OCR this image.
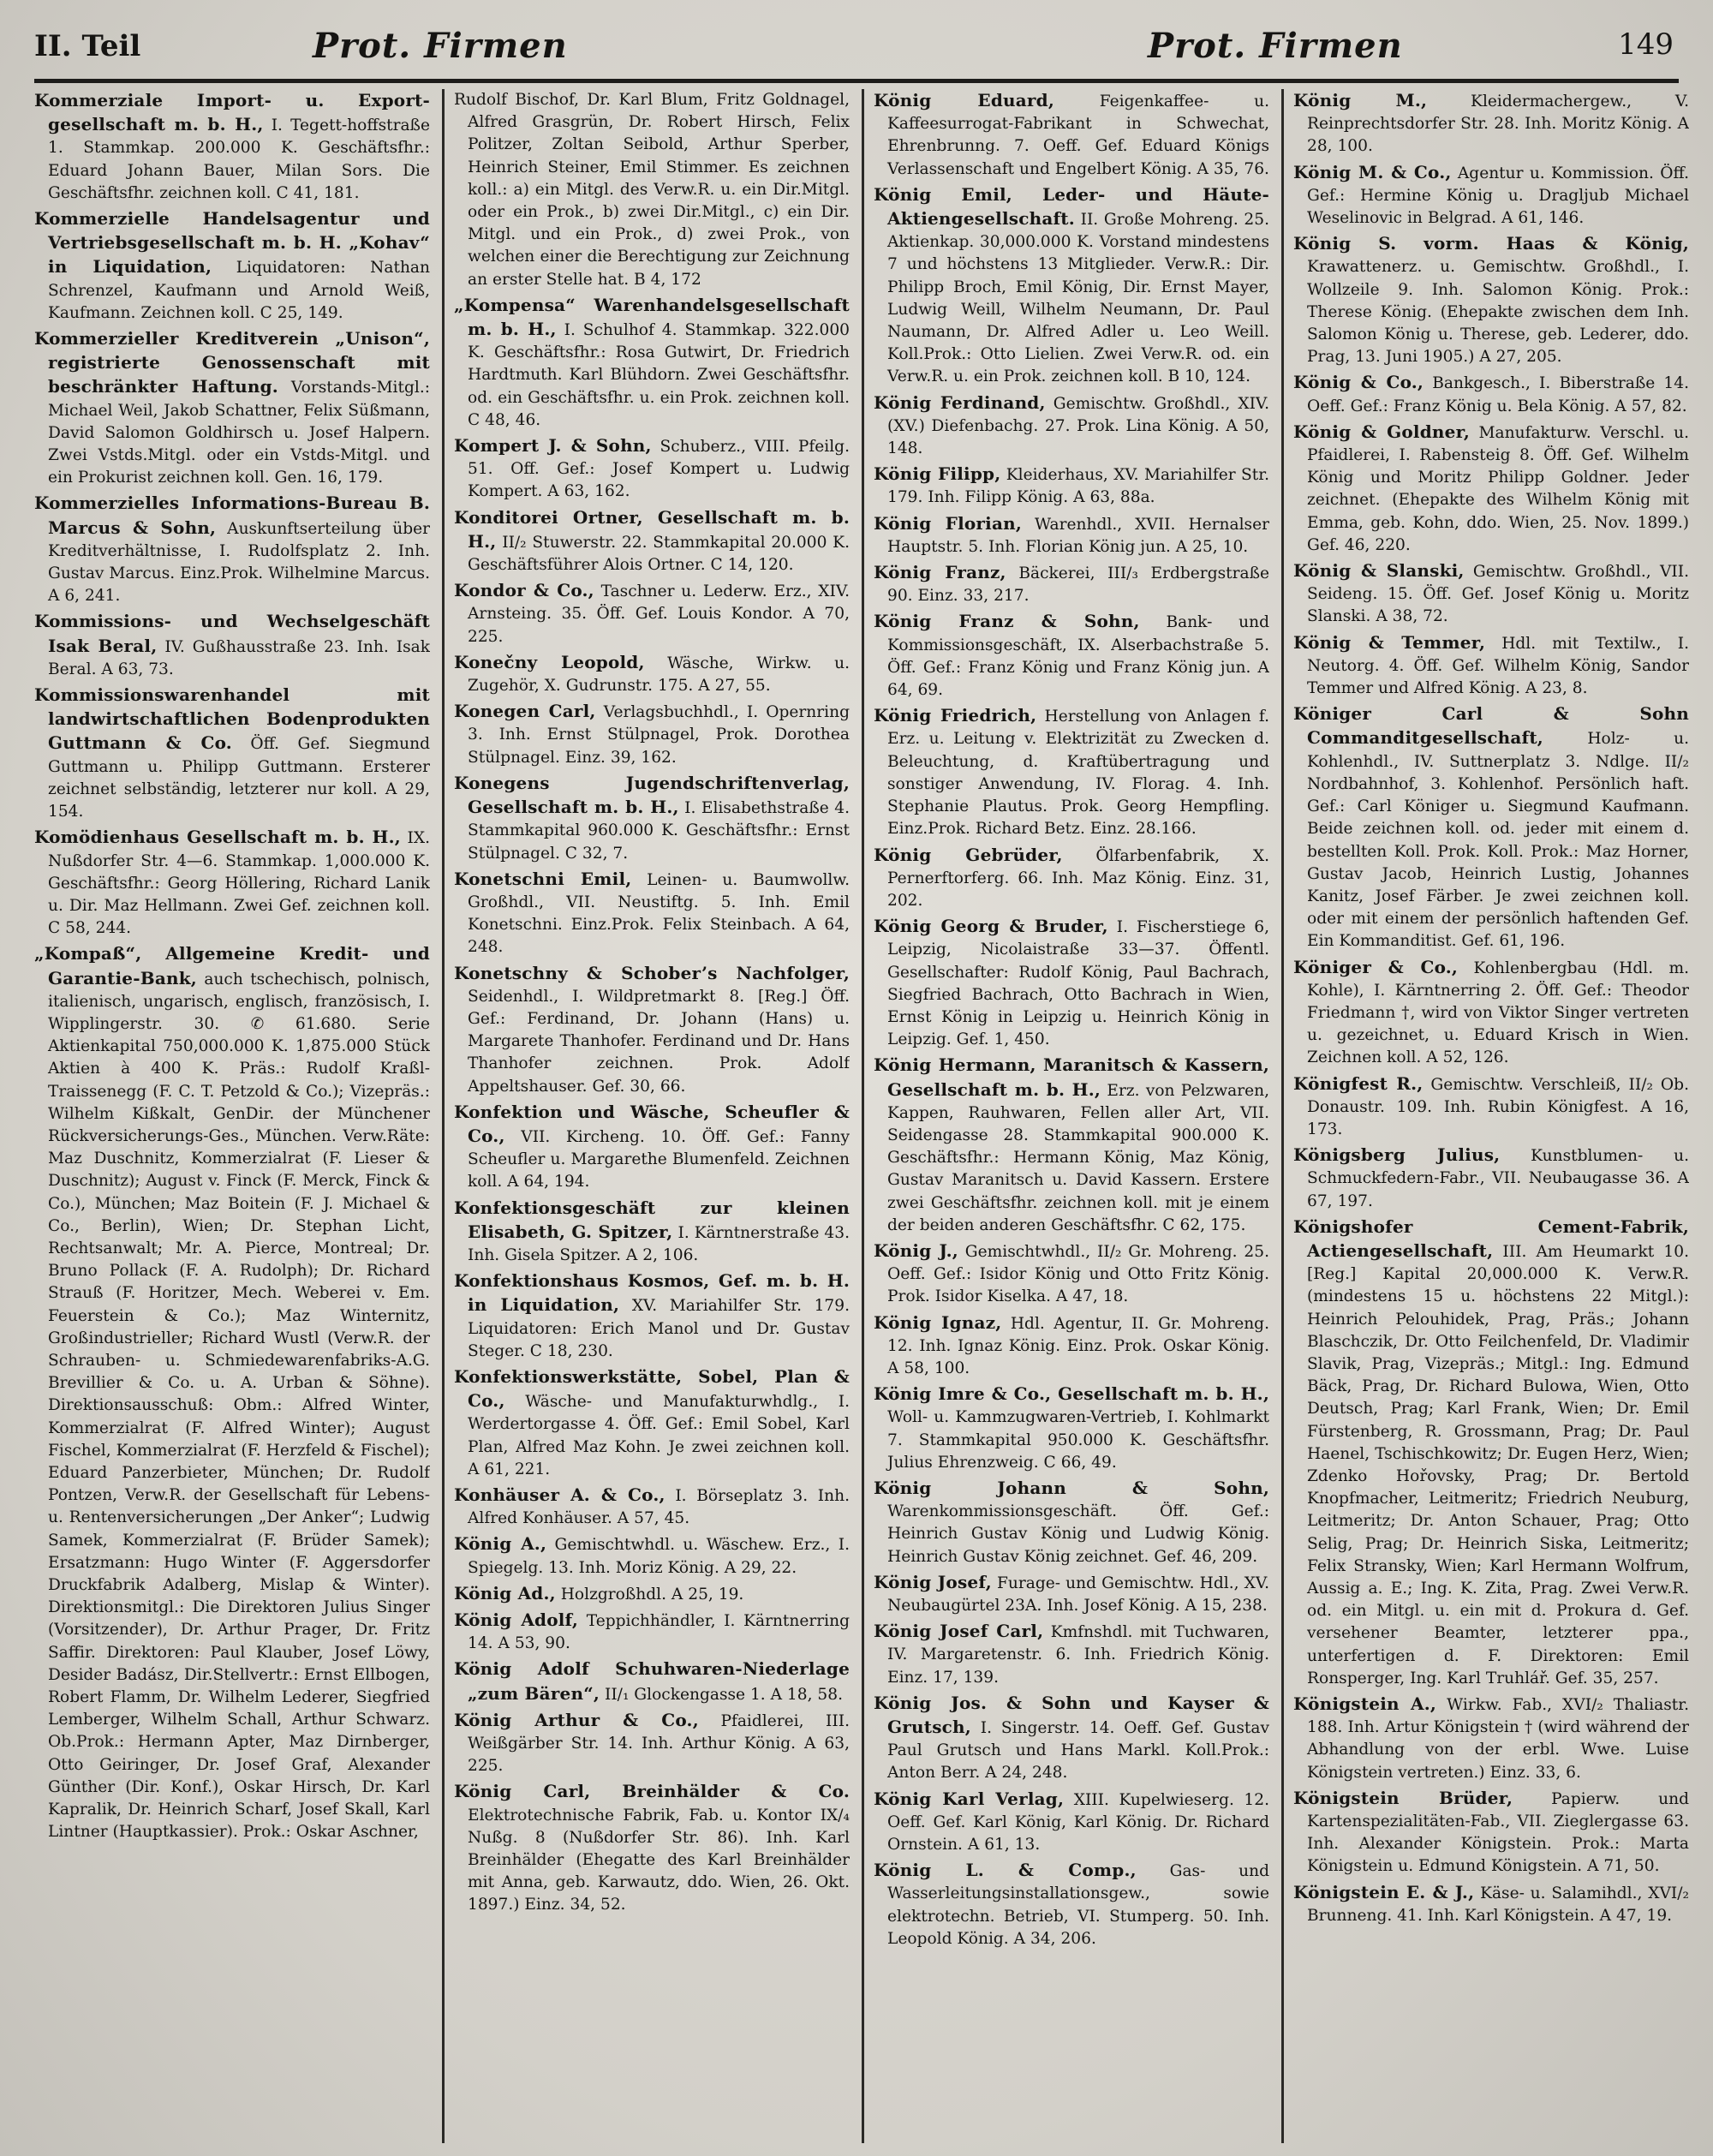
II. Teil	Prot. Firmen	Prot. Firmen	149
Kommerziale Import- u. Export-gesellschaft m. b. H., I. Tegett-hoffstraße 1. Stammkap. 200.000 K. Geschäftsfhr.: Eduard Johann Bauer, Milan Sors. Die Geschäftsfhr. zeichnen koll. C 41, 181.
Kommerzielle Handelsagentur und Vertriebsgesellschaft m. b. H. „Kohav“ in Liquidation, Liquidatoren: Nathan Schrenzel, Kaufmann und Arnold Weiß, Kaufmann. Zeichnen koll. C 25, 149.
Kommerzieller Kreditverein „Unison“, registrierte Genossenschaft mit beschränkter Haftung. Vorstands-Mitgl.: Michael Weil, Jakob Schattner, Felix Süßmann, David Salomon Goldhirsch u. Josef Halpern. Zwei Vstds.Mitgl. oder ein Vstds-Mitgl. und ein Prokurist zeichnen koll. Gen. 16, 179.
Kommerzielles Informations-Bureau B. Marcus & Sohn, Auskunftserteilung über Kreditverhältnisse, I. Rudolfsplatz 2. Inh. Gustav Marcus. Einz.Prok. Wilhelmine Marcus. A 6, 241.
Kommissions- und Wechselgeschäft Isak Beral, IV. Gußhausstraße 23. Inh. Isak Beral. A 63, 73.
Kommissionswarenhandel mit landwirtschaftlichen Bodenprodukten Guttmann & Co. Öff. Gef. Siegmund Guttmann u. Philipp Guttmann. Ersterer zeichnet selbständig, letzterer nur koll. A 29, 154.
Komödienhaus Gesellschaft m. b. H., IX. Nußdorfer Str. 4—6. Stammkap. 1,000.000 K. Geschäftsfhr.: Georg Höllering, Richard Lanik u. Dir. Maz Hellmann. Zwei Gef. zeichnen koll. C 58, 244.
„Kompaß“, Allgemeine Kredit- und Garantie-Bank, auch tschechisch, polnisch, italienisch, ungarisch, englisch, französisch, I. Wipplingerstr. 30. ✆ 61.680. Serie Aktienkapital 750,000.000 K. 1,875.000 Stück Aktien à 400 K. Präs.: Rudolf Kraßl-Traissenegg (F. C. T. Petzold & Co.); Vizepräs.: Wilhelm Kißkalt, GenDir. der Münchener Rückversicherungs-Ges., München. Verw.Räte: Maz Duschnitz, Kommerzialrat (F. Lieser & Duschnitz); August v. Finck (F. Merck, Finck & Co.), München; Maz Boitein (F. J. Michael & Co., Berlin), Wien; Dr. Stephan Licht, Rechtsanwalt; Mr. A. Pierce, Montreal; Dr. Bruno Pollack (F. A. Rudolph); Dr. Richard Strauß (F. Horitzer, Mech. Weberei v. Em. Feuerstein & Co.); Maz Winternitz, Großindustrieller; Richard Wustl (Verw.R. der Schrauben- u. Schmiedewarenfabriks-A.G. Brevillier & Co. u. A. Urban & Söhne). Direktionsausschuß: Obm.: Alfred Winter, Kommerzialrat (F. Alfred Winter); August Fischel, Kommerzialrat (F. Herzfeld & Fischel); Eduard Panzerbieter, München; Dr. Rudolf Pontzen, Verw.R. der Gesellschaft für Lebens- u. Rentenversicherungen „Der Anker“; Ludwig Samek, Kommerzialrat (F. Brüder Samek); Ersatzmann: Hugo Winter (F. Aggersdorfer Druckfabrik Adalberg, Mislap & Winter). Direktionsmitgl.: Die Direktoren Julius Singer (Vorsitzender), Dr. Arthur Prager, Dr. Fritz Saffir. Direktoren: Paul Klauber, Josef Löwy, Desider Badász, Dir.Stellvertr.: Ernst Ellbogen, Robert Flamm, Dr. Wilhelm Lederer, Siegfried Lemberger, Wilhelm Schall, Arthur Schwarz. Ob.Prok.: Hermann Apter, Maz Dirnberger, Otto Geiringer, Dr. Josef Graf, Alexander Günther (Dir. Konf.), Oskar Hirsch, Dr. Karl Kapralik, Dr. Heinrich Scharf, Josef Skall, Karl Lintner (Hauptkassier). Prok.: Oskar Aschner,
Rudolf Bischof, Dr. Karl Blum, Fritz Goldnagel, Alfred Grasgrün, Dr. Robert Hirsch, Felix Politzer, Zoltan Seibold, Arthur Sperber, Heinrich Steiner, Emil Stimmer. Es zeichnen koll.: a) ein Mitgl. des Verw.R. u. ein Dir.Mitgl. oder ein Prok., b) zwei Dir.Mitgl., c) ein Dir. Mitgl. und ein Prok., d) zwei Prok., von welchen einer die Berechtigung zur Zeichnung an erster Stelle hat. B 4, 172
„Kompensa“ Warenhandelsgesellschaft m. b. H., I. Schulhof 4. Stammkap. 322.000 K. Geschäftsfhr.: Rosa Gutwirt, Dr. Friedrich Hardtmuth. Karl Blühdorn. Zwei Geschäftsfhr. od. ein Geschäftsfhr. u. ein Prok. zeichnen koll. C 48, 46.
Kompert J. & Sohn, Schuberz., VIII. Pfeilg. 51. Off. Gef.: Josef Kompert u. Ludwig Kompert. A 63, 162.
Konditorei Ortner, Gesellschaft m. b. H., II/₂ Stuwerstr. 22. Stammkapital 20.000 K. Geschäftsführer Alois Ortner. C 14, 120.
Kondor & Co., Taschner u. Lederw. Erz., XIV. Arnsteing. 35. Öff. Gef. Louis Kondor. A 70, 225.
Konečny Leopold, Wäsche, Wirkw. u. Zugehör, X. Gudrunstr. 175. A 27, 55.
Konegen Carl, Verlagsbuchhdl., I. Opernring 3. Inh. Ernst Stülpnagel, Prok. Dorothea Stülpnagel. Einz. 39, 162.
Konegens Jugendschriftenverlag, Gesellschaft m. b. H., I. Elisabethstraße 4. Stammkapital 960.000 K. Geschäftsfhr.: Ernst Stülpnagel. C 32, 7.
Konetschni Emil, Leinen- u. Baumwollw. Großhdl., VII. Neustiftg. 5. Inh. Emil Konetschni. Einz.Prok. Felix Steinbach. A 64, 248.
Konetschny & Schober’s Nachfolger, Seidenhdl., I. Wildpretmarkt 8. [Reg.] Öff. Gef.: Ferdinand, Dr. Johann (Hans) u. Margarete Thanhofer. Ferdinand und Dr. Hans Thanhofer zeichnen. Prok. Adolf Appeltshauser. Gef. 30, 66.
Konfektion und Wäsche, Scheufler & Co., VII. Kircheng. 10. Öff. Gef.: Fanny Scheufler u. Margarethe Blumenfeld. Zeichnen koll. A 64, 194.
Konfektionsgeschäft zur kleinen Elisabeth, G. Spitzer, I. Kärntnerstraße 43. Inh. Gisela Spitzer. A 2, 106.
Konfektionshaus Kosmos, Gef. m. b. H. in Liquidation, XV. Mariahilfer Str. 179. Liquidatoren: Erich Manol und Dr. Gustav Steger. C 18, 230.
Konfektionswerkstätte, Sobel, Plan & Co., Wäsche- und Manufakturwhdlg., I. Werdertorgasse 4. Öff. Gef.: Emil Sobel, Karl Plan, Alfred Maz Kohn. Je zwei zeichnen koll. A 61, 221.
Konhäuser A. & Co., I. Börseplatz 3. Inh. Alfred Konhäuser. A 57, 45.
König A., Gemischtwhdl. u. Wäschew. Erz., I. Spiegelg. 13. Inh. Moriz König. A 29, 22.
König Ad., Holzgroßhdl. A 25, 19.
König Adolf, Teppichhändler, I. Kärntnerring 14. A 53, 90.
König Adolf Schuhwaren-Niederlage „zum Bären“, II/₁ Glockengasse 1. A 18, 58.
König Arthur & Co., Pfaidlerei, III. Weißgärber Str. 14. Inh. Arthur König. A 63, 225.
König Carl, Breinhälder & Co. Elektrotechnische Fabrik, Fab. u. Kontor IX/₄ Nußg. 8 (Nußdorfer Str. 86). Inh. Karl Breinhälder (Ehegatte des Karl Breinhälder mit Anna, geb. Karwautz, ddo. Wien, 26. Okt. 1897.) Einz. 34, 52.
König Eduard,	Feigenkaffee- u. Kaffeesurrogat-Fabrikant in Schwechat, Ehrenbrunng. 7. Oeff. Gef. Eduard Königs Verlassenschaft und Engelbert König. A 35, 76.
König Emil, Leder- und Häute-Aktiengesellschaft. II. Große Mohreng. 25. Aktienkap. 30,000.000 K. Vorstand mindestens 7 und höchstens 13 Mitglieder. Verw.R.: Dir. Philipp Broch, Emil König, Dir. Ernst Mayer, Ludwig Weill, Wilhelm Neumann, Dr. Paul Naumann, Dr. Alfred Adler u. Leo Weill. Koll.Prok.: Otto Lielien. Zwei Verw.R. od. ein Verw.R. u. ein Prok. zeichnen koll. B 10, 124.
König Ferdinand, Gemischtw. Großhdl., XIV. (XV.) Diefenbachg. 27. Prok. Lina König. A 50, 148.
König Filipp, Kleiderhaus, XV. Mariahilfer Str. 179. Inh. Filipp König. A 63, 88a.
König Florian, Warenhdl., XVII. Hernalser Hauptstr. 5. Inh. Florian König jun. A 25, 10.
König Franz, Bäckerei, III/₃ Erdbergstraße 90. Einz. 33, 217.
König Franz & Sohn, Bank- und Kommissionsgeschäft, IX. Alserbachstraße 5. Öff. Gef.: Franz König und Franz König jun. A 64, 69.
König Friedrich, Herstellung von Anlagen f. Erz. u. Leitung v. Elektrizität zu Zwecken d. Beleuchtung, d. Kraftübertragung und sonstiger Anwendung, IV. Florag. 4. Inh. Stephanie Plautus. Prok. Georg Hempfling. Einz.Prok. Richard Betz. Einz. 28.166.
König Gebrüder, Ölfarbenfabrik, X. Pernerftorferg. 66. Inh. Maz König. Einz. 31, 202.
König Georg & Bruder, I. Fischerstiege 6, Leipzig, Nicolaistraße 33—37. Öffentl. Gesellschafter: Rudolf König, Paul Bachrach, Siegfried Bachrach, Otto Bachrach in Wien, Ernst König in Leipzig u. Heinrich König in Leipzig. Gef. 1, 450.
König Hermann, Maranitsch & Kassern, Gesellschaft m. b. H., Erz. von Pelzwaren, Kappen, Rauhwaren, Fellen aller Art, VII. Seidengasse 28. Stammkapital 900.000 K. Geschäftsfhr.: Hermann König, Maz König, Gustav Maranitsch u. David Kassern. Erstere zwei Geschäftsfhr. zeichnen koll. mit je einem der beiden anderen Geschäftsfhr. C 62, 175.
König J., Gemischtwhdl., II/₂ Gr. Mohreng. 25. Oeff. Gef.: Isidor König und Otto Fritz König. Prok. Isidor Kiselka. A 47, 18.
König Ignaz, Hdl. Agentur, II. Gr. Mohreng. 12. Inh. Ignaz König. Einz. Prok. Oskar König. A 58, 100.
König Imre & Co., Gesellschaft m. b. H., Woll- u. Kammzugwaren-Vertrieb, I. Kohlmarkt 7. Stammkapital 950.000 K. Geschäftsfhr. Julius Ehrenzweig. C 66, 49.
König Johann & Sohn, Warenkommissionsgeschäft. Öff. Gef.: Heinrich Gustav König und Ludwig König. Heinrich Gustav König zeichnet. Gef. 46, 209.
König Josef, Furage- und Gemischtw. Hdl., XV. Neubaugürtel 23A. Inh. Josef König. A 15, 238.
König Josef Carl, Kmfnshdl. mit Tuchwaren, IV. Margaretenstr. 6. Inh. Friedrich König. Einz. 17, 139.
König Jos. & Sohn und Kayser & Grutsch, I. Singerstr. 14. Oeff. Gef. Gustav Paul Grutsch und Hans Markl. Koll.Prok.: Anton Berr. A 24, 248.
König Karl Verlag, XIII. Kupelwieserg. 12. Oeff. Gef. Karl König, Karl König. Dr. Richard Ornstein. A 61, 13.
König L. & Comp., Gas- und Wasserleitungsinstallationsgew., sowie elektrotechn. Betrieb, VI. Stumperg. 50. Inh. Leopold König. A 34, 206.
König M.,	Kleidermachergew., V. Reinprechtsdorfer Str. 28. Inh. Moritz König. A 28, 100.
König M. & Co., Agentur u. Kommission. Öff. Gef.: Hermine König u. Dragljub Michael Weselinovic in Belgrad. A 61, 146.
König S. vorm. Haas & König, Krawattenerz. u. Gemischtw. Großhdl., I. Wollzeile 9. Inh. Salomon König. Prok.: Therese König. (Ehepakte zwischen dem Inh. Salomon König u. Therese, geb. Lederer, ddo. Prag, 13. Juni 1905.) A 27, 205.
König & Co., Bankgesch., I. Biberstraße 14. Oeff. Gef.: Franz König u. Bela König. A 57, 82.
König & Goldner, Manufakturw. Verschl. u. Pfaidlerei, I. Rabensteig 8. Öff. Gef. Wilhelm König und Moritz Philipp Goldner. Jeder zeichnet. (Ehepakte des Wilhelm König mit Emma, geb. Kohn, ddo. Wien, 25. Nov. 1899.) Gef. 46, 220.
König & Slanski, Gemischtw. Großhdl., VII. Seideng. 15. Öff. Gef. Josef König u. Moritz Slanski. A 38, 72.
König & Temmer, Hdl. mit Textilw., I. Neutorg. 4. Öff. Gef. Wilhelm König, Sandor Temmer und Alfred König. A 23, 8.
Königer Carl & Sohn Commanditgesellschaft,	Holz- u. Kohlenhdl., IV. Suttnerplatz 3. Ndlge. II/₂ Nordbahnhof, 3. Kohlenhof. Persönlich haft. Gef.: Carl Königer u. Siegmund Kaufmann. Beide zeichnen koll. od. jeder mit einem d. bestellten Koll. Prok. Koll. Prok.: Maz Horner, Gustav Jacob, Heinrich Lustig, Johannes Kanitz, Josef Färber. Je zwei zeichnen koll. oder mit einem der persönlich haftenden Gef. Ein Kommanditist. Gef. 61, 196.
Königer & Co., Kohlenbergbau (Hdl. m. Kohle), I. Kärntnerring 2. Öff. Gef.: Theodor Friedmann †, wird von Viktor Singer vertreten u. gezeichnet, u. Eduard Krisch in Wien. Zeichnen koll. A 52, 126.
Königfest R., Gemischtw. Verschleiß, II/₂ Ob. Donaustr. 109. Inh. Rubin Königfest. A 16, 173.
Königsberg Julius, Kunstblumen- u. Schmuckfedern-Fabr., VII. Neubaugasse 36. A 67, 197.
Königshofer Cement-Fabrik, Actiengesellschaft, III. Am Heumarkt 10. [Reg.] Kapital 20,000.000 K. Verw.R. (mindestens 15 u. höchstens 22 Mitgl.): Heinrich Pelouhidek, Prag, Präs.; Johann Blaschczik, Dr. Otto Feilchenfeld, Dr. Vladimir Slavik, Prag, Vizepräs.; Mitgl.: Ing. Edmund Bäck, Prag, Dr. Richard Bulowa, Wien, Otto Deutsch, Prag; Karl Frank, Wien; Dr. Emil Fürstenberg, R. Grossmann, Prag; Dr. Paul Haenel, Tschischkowitz; Dr. Eugen Herz, Wien; Zdenko Hořovsky, Prag; Dr. Bertold Knopfmacher, Leitmeritz; Friedrich Neuburg, Leitmeritz; Dr. Anton Schauer, Prag; Otto Selig, Prag; Dr. Heinrich Siska, Leitmeritz; Felix Stransky, Wien; Karl Hermann Wolfrum, Aussig a. E.; Ing. K. Zita, Prag. Zwei Verw.R. od. ein Mitgl. u. ein mit d. Prokura d. Gef. versehener Beamter, letzterer ppa., unterfertigen d. F. Direktoren: Emil Ronsperger, Ing. Karl Truhlář. Gef. 35, 257.
Königstein A., Wirkw. Fab., XVI/₂ Thaliastr. 188. Inh. Artur Königstein † (wird während der Abhandlung von der erbl. Wwe. Luise Königstein vertreten.) Einz. 33, 6.
Königstein Brüder, Papierw. und Kartenspezialitäten-Fab., VII. Zieglergasse 63. Inh. Alexander Königstein. Prok.: Marta Königstein u. Edmund Königstein. A 71, 50.
Königstein E. & J., Käse- u. Salamihdl., XVI/₂ Brunneng. 41. Inh. Karl Königstein. A 47, 19.
